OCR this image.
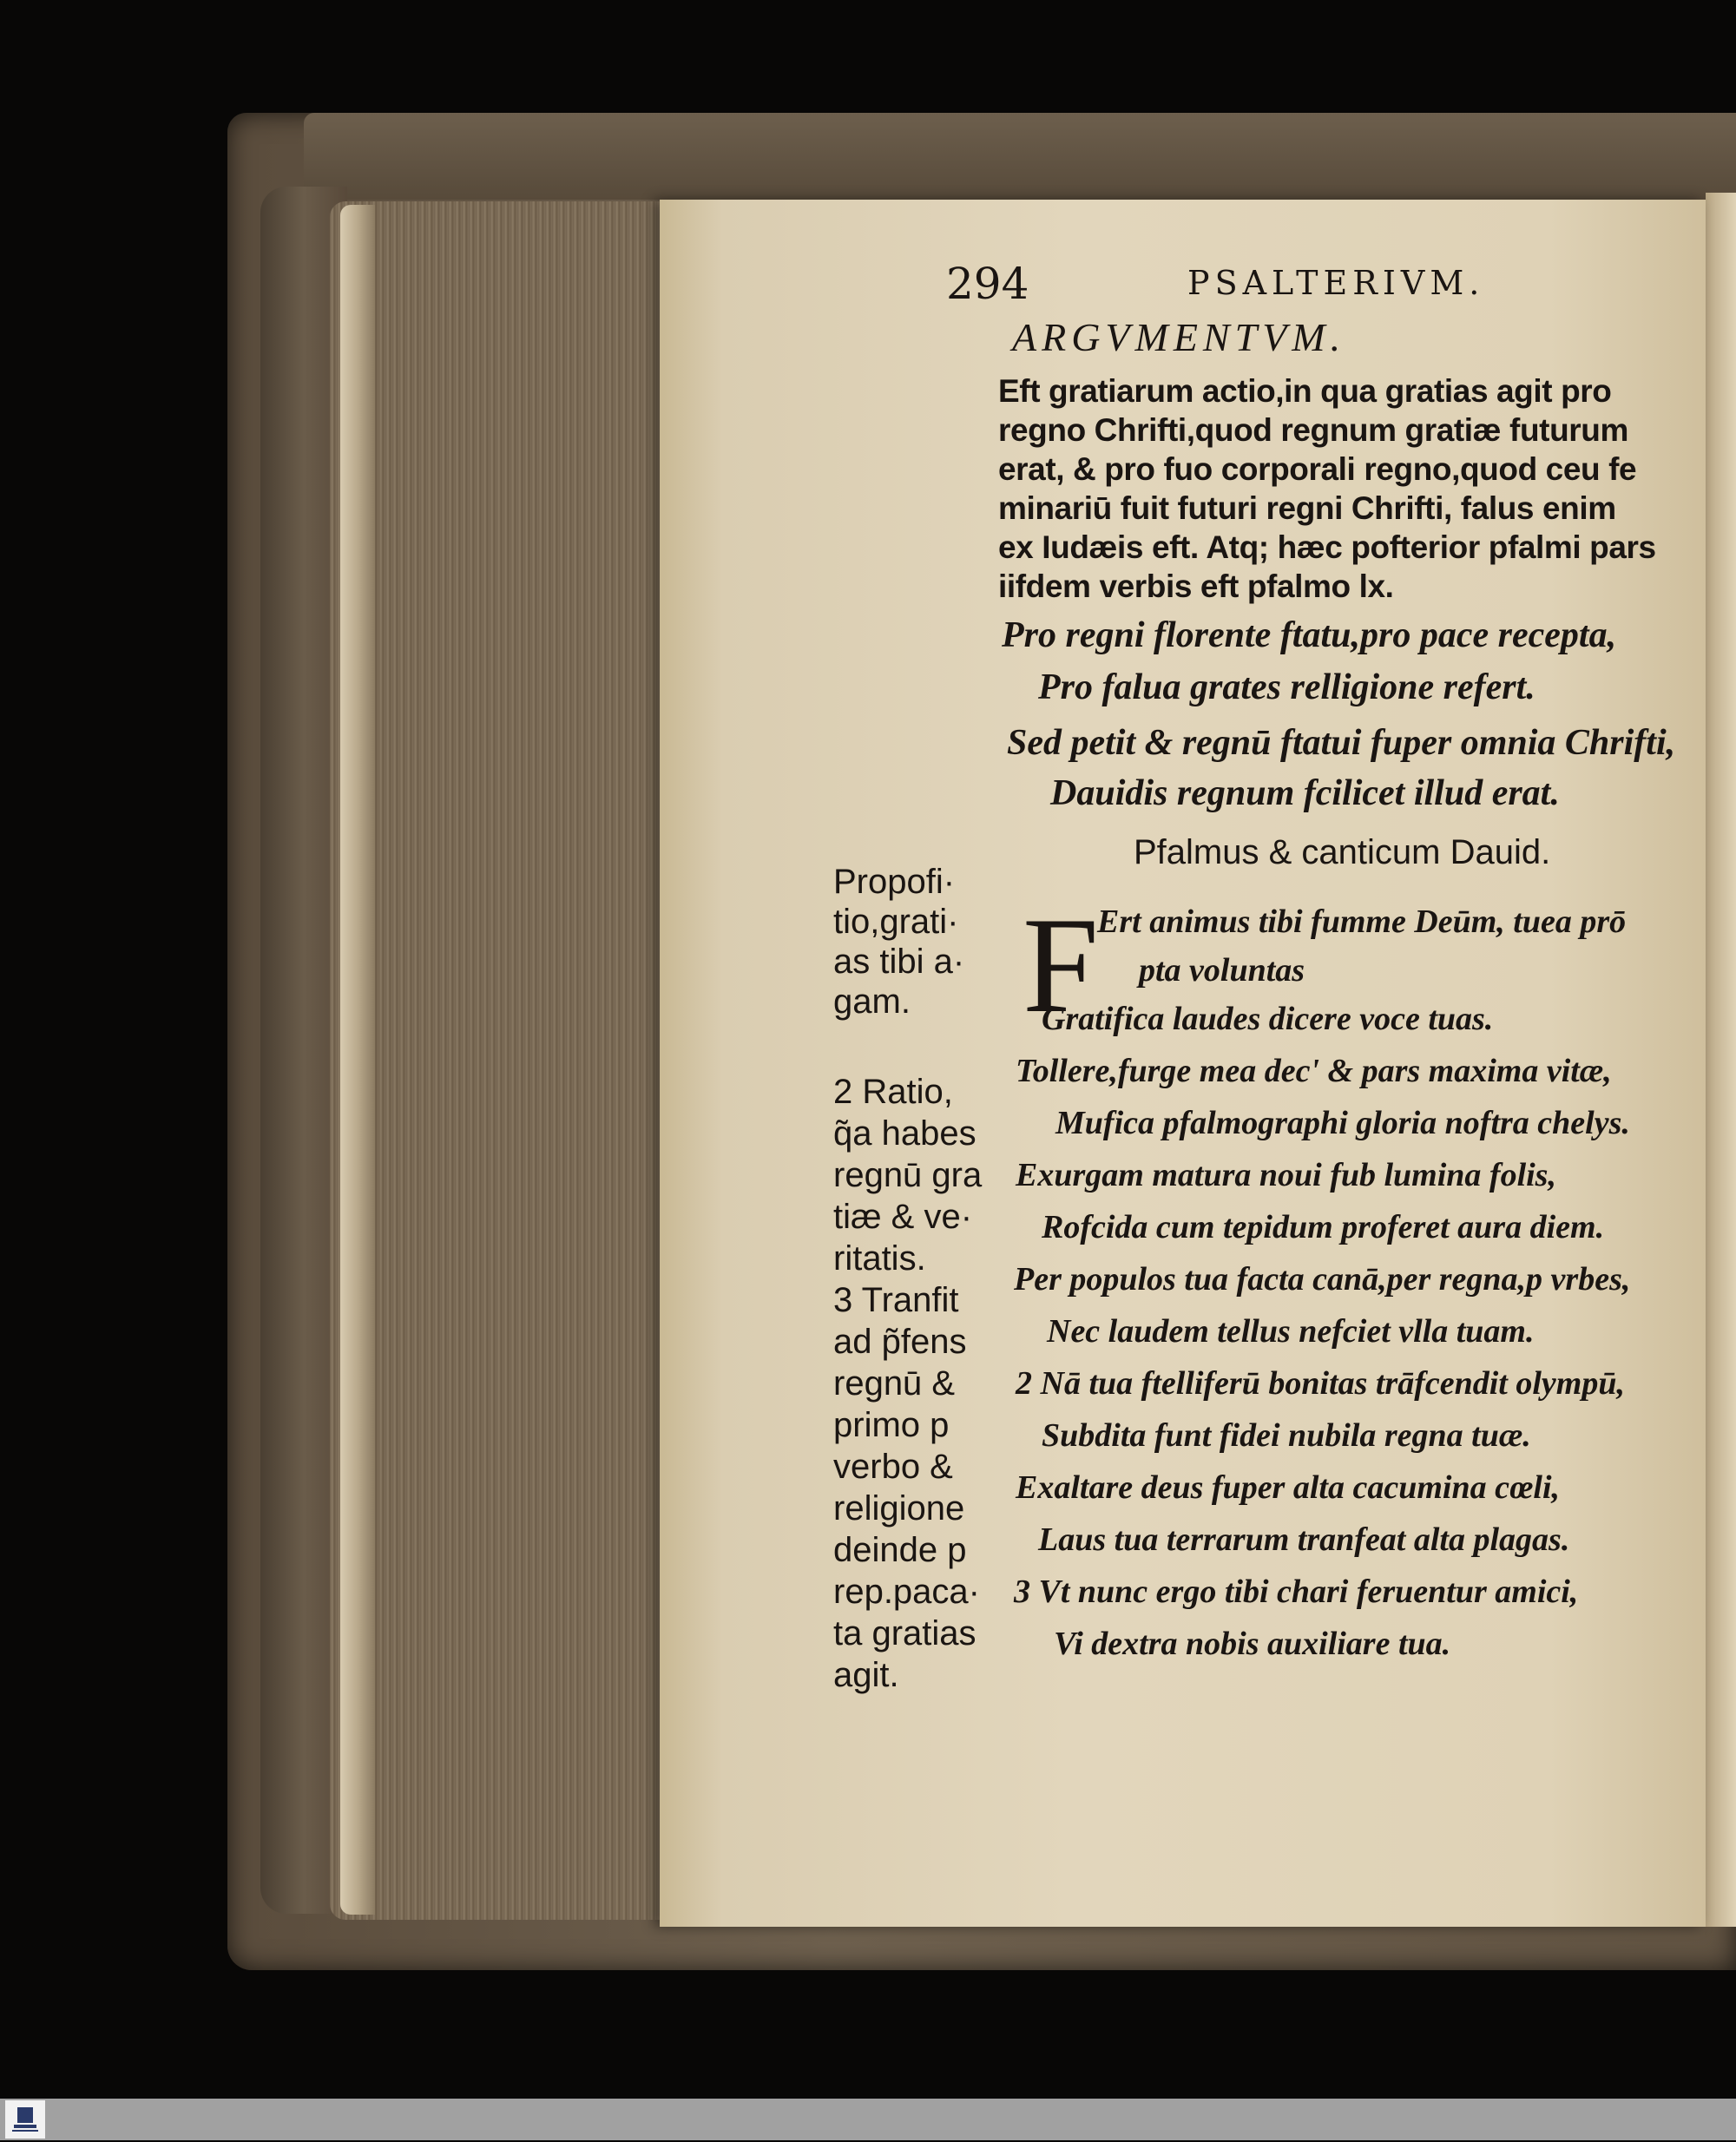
294	PSALTERIVM.
ARGVMENTVM.
Eft gratiarum actio,in qua gratias agit pro
regno Chrifti,quod regnum gratiæ futurum
erat, & pro fuo corporali regno,quod ceu fe
minariū fuit futuri regni Chrifti, falus enim
ex Iudæis eft. Atq; hæc pofterior pfalmi pars
iifdem verbis eft pfalmo lx.
Pro regni florente ftatu,pro pace recepta,
Pro falua grates relligione refert.
Sed petit & regnū ftatui fuper omnia Chrifti,
Dauidis regnum fcilicet illud erat.
Pfalmus & canticum Dauid.
F
Ert animus tibi fumme Deūm, tuea prō
pta voluntas
Gratifica laudes dicere voce tuas.
Tollere,furge mea dec' & pars maxima vitæ,
Mufica pfalmographi gloria noftra chelys.
Exurgam matura noui fub lumina folis,
Rofcida cum tepidum proferet aura diem.
Per populos tua facta canā,per regna,p vrbes,
Nec laudem tellus nefciet vlla tuam.
2 Nā tua ftelliferū bonitas trāfcendit olympū,
Subdita funt fidei nubila regna tuæ.
Exaltare deus fuper alta cacumina cœli,
Laus tua terrarum tranfeat alta plagas.
3 Vt nunc ergo tibi chari feruentur amici,
Vi dextra nobis auxiliare tua.
Propofi·
tio,grati·
as tibi a·
gam.
2 Ratio,
q̃a habes
regnū gra
tiæ & ve·
ritatis.
3 Tranfit
ad p̃fens
regnū &
primo p
verbo &
religione
deinde p
rep.paca·
ta gratias
agit.
